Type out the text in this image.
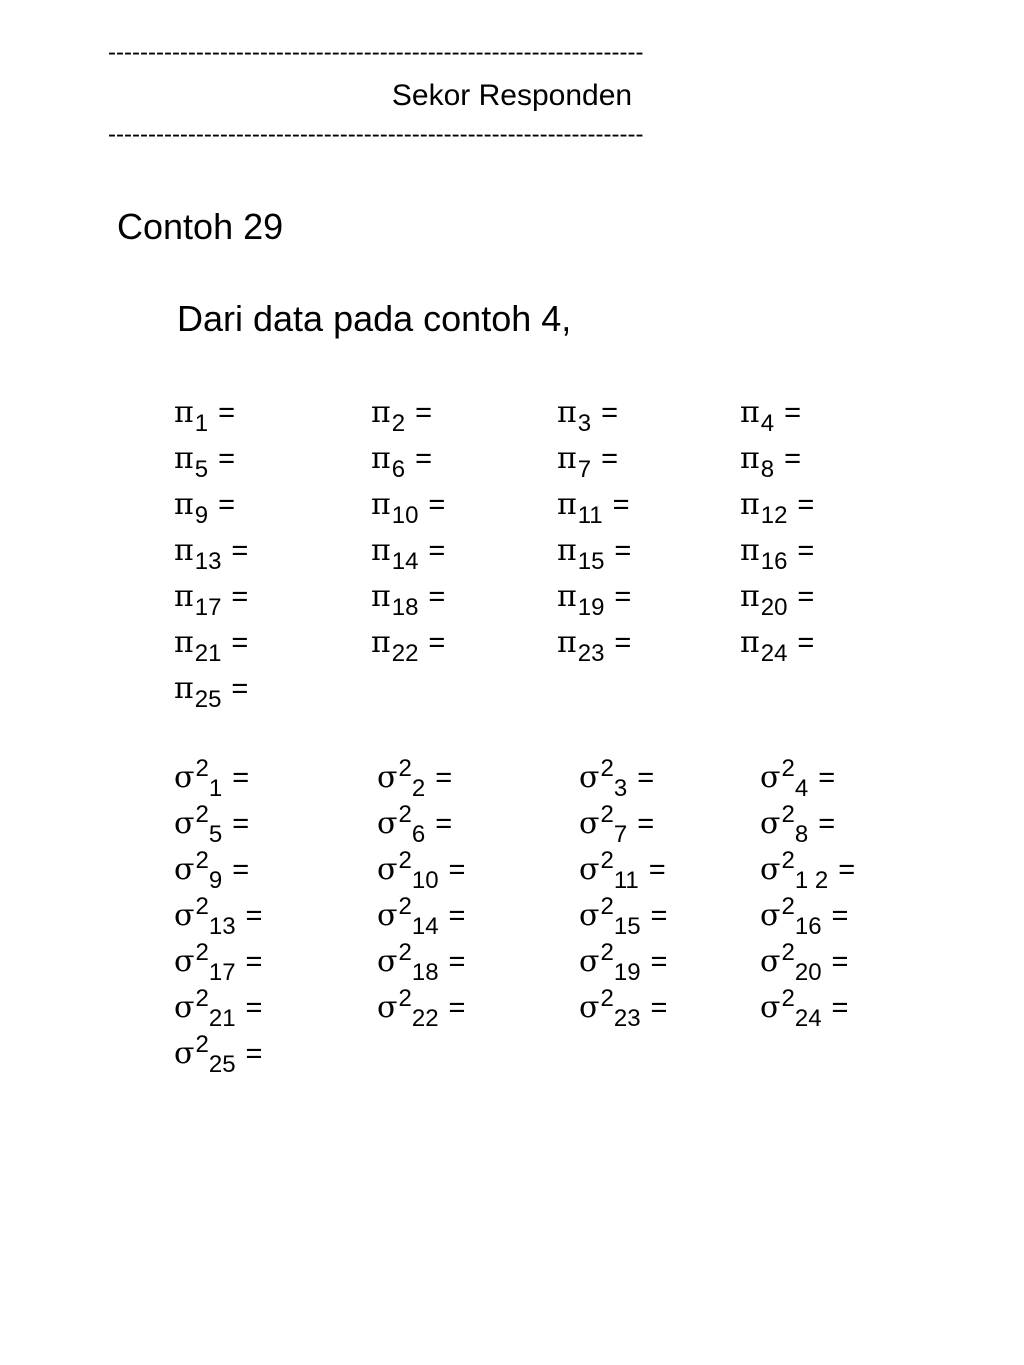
-------------------------------------------------------------------
Sekor Responden
-------------------------------------------------------------------
Contoh 29
Dari data pada contoh 4,
$\pi_1$ =	$\pi_2$ =	$\pi_3$ =	$\pi_4$ =
$\pi_5$ =	$\pi_6$ =	$\pi_7$ =	$\pi_8$ =
$\pi_9$ =	$\pi_{10}$ =	$\pi_{11}$ =	$\pi_{12}$ =
$\pi_{13}$ =	$\pi_{14}$ =	$\pi_{15}$ =	$\pi_{16}$ =
$\pi_{17}$ =	$\pi_{18}$ =	$\pi_{19}$ =	$\pi_{20}$ =
$\pi_{21}$ =	$\pi_{22}$ =	$\pi_{23}$ =	$\pi_{24}$ =
$\pi_{25}$ =
$\sigma^2_1$ =	$\sigma^2_2$ =	$\sigma^2_3$ =	$\sigma^2_4$ =
$\sigma^2_5$ =	$\sigma^2_6$ =	$\sigma^2_7$ =	$\sigma^2_8$ =
$\sigma^2_9$ =	$\sigma^2_{10}$ =	$\sigma^2_{11}$ =	$\sigma^2_{1 2}$ =
$\sigma^2_{13}$ =	$\sigma^2_{14}$ =	$\sigma^2_{15}$ =	$\sigma^2_{16}$ =
$\sigma^2_{17}$ =	$\sigma^2_{18}$ =	$\sigma^2_{19}$ =	$\sigma^2_{20}$ =
$\sigma^2_{21}$ =	$\sigma^2_{22}$ =	$\sigma^2_{23}$ =	$\sigma^2_{24}$ =
$\sigma^2_{25}$ =
